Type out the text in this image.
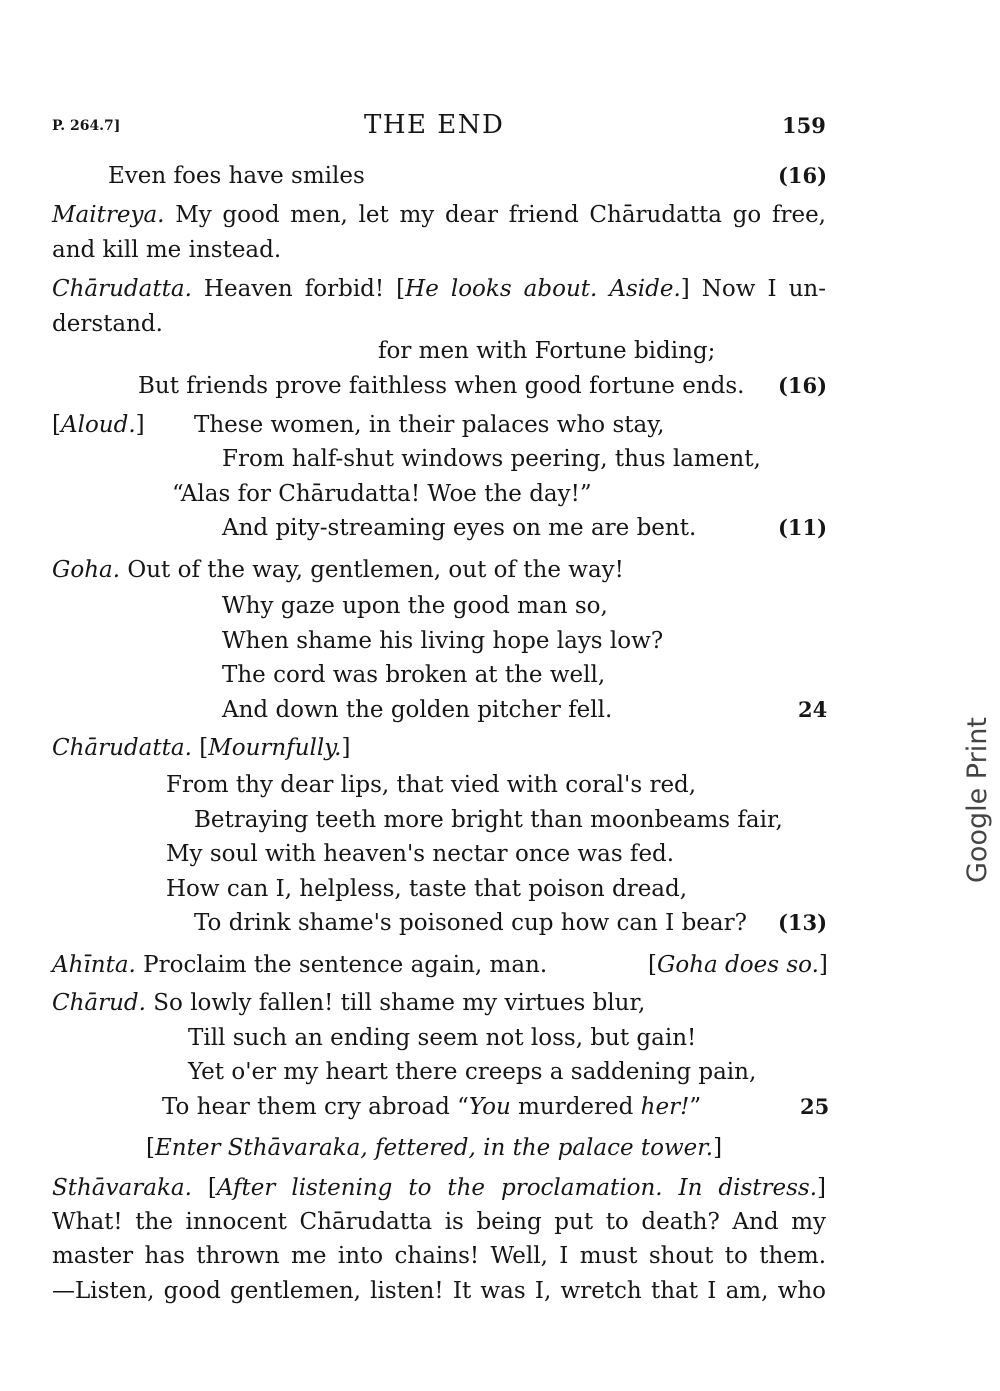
P. 264.7]	THE END	159
Even foes have smiles	(16)
Maitreya. My good men, let my dear friend Chārudatta go free,
and kill me instead.
Chārudatta. Heaven forbid! [He looks about. Aside.] Now I un-
derstand.
for men with Fortune biding;
But friends prove faithless when good fortune ends. (16)
[Aloud.] These women, in their palaces who stay,
From half-shut windows peering, thus lament,
“Alas for Chārudatta! Woe the day!”
And pity-streaming eyes on me are bent.	(11)
Goha. Out of the way, gentlemen, out of the way!
Why gaze upon the good man so,
When shame his living hope lays low?
The cord was broken at the well,
And down the golden pitcher fell.	24
Chārudatta. [Mournfully.]
From thy dear lips, that vied with coral's red,
Betraying teeth more bright than moonbeams fair,
My soul with heaven's nectar once was fed.
How can I, helpless, taste that poison dread,
To drink shame's poisoned cup how can I bear? (13)
Ahīnta. Proclaim the sentence again, man.	[Goha does so.]
Chārud. So lowly fallen! till shame my virtues blur,
Till such an ending seem not loss, but gain!
Yet o'er my heart there creeps a saddening pain,
To hear them cry abroad “You murdered her!”	25
[Enter Sthāvaraka, fettered, in the palace tower.]
Sthāvaraka. [After listening to the proclamation. In distress.]
What! the innocent Chārudatta is being put to death? And my
master has thrown me into chains! Well, I must shout to them.
—Listen, good gentlemen, listen! It was I, wretch that I am, who
Google Print
